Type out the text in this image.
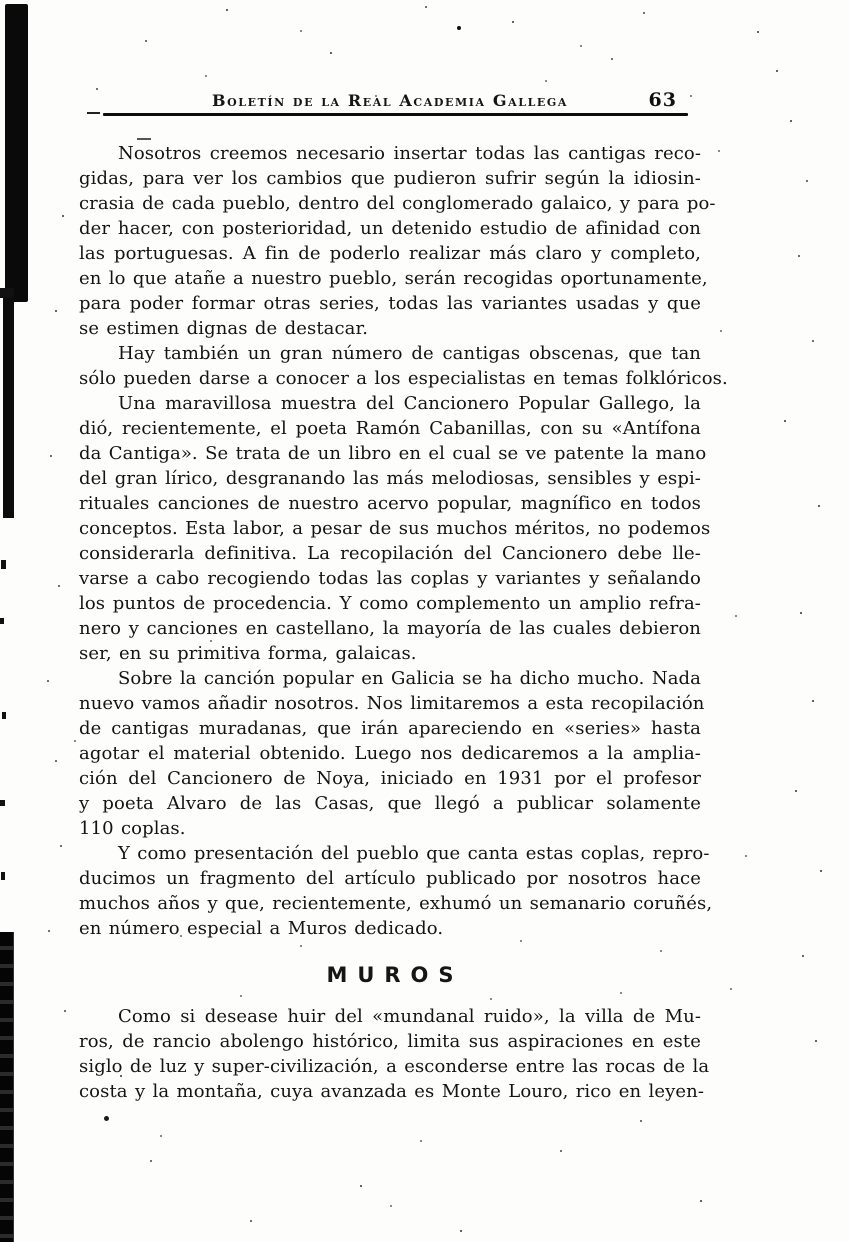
Boletín de la Real Academia Gallega	63
Nosotros creemos necesario insertar todas las cantigas reco-
gidas, para ver los cambios que pudieron sufrir según la idiosin-
crasia de cada pueblo, dentro del conglomerado galaico, y para po-
der hacer, con posterioridad, un detenido estudio de afinidad con
las portuguesas. A fin de poderlo realizar más claro y completo,
en lo que atañe a nuestro pueblo, serán recogidas oportunamente,
para poder formar otras series, todas las variantes usadas y que
se estimen dignas de destacar.
Hay también un gran número de cantigas obscenas, que tan
sólo pueden darse a conocer a los especialistas en temas folklóricos.
Una maravillosa muestra del Cancionero Popular Gallego, la
dió, recientemente, el poeta Ramón Cabanillas, con su «Antífona
da Cantiga». Se trata de un libro en el cual se ve patente la mano
del gran lírico, desgranando las más melodiosas, sensibles y espi-
rituales canciones de nuestro acervo popular, magnífico en todos
conceptos. Esta labor, a pesar de sus muchos méritos, no podemos
considerarla definitiva. La recopilación del Cancionero debe lle-
varse a cabo recogiendo todas las coplas y variantes y señalando
los puntos de procedencia. Y como complemento un amplio refra-
nero y canciones en castellano, la mayoría de las cuales debieron
ser, en su primitiva forma, galaicas.
Sobre la canción popular en Galicia se ha dicho mucho. Nada
nuevo vamos añadir nosotros. Nos limitaremos a esta recopilación
de cantigas muradanas, que irán apareciendo en «series» hasta
agotar el material obtenido. Luego nos dedicaremos a la amplia-
ción del Cancionero de Noya, iniciado en 1931 por el profesor
y poeta Alvaro de las Casas, que llegó a publicar solamente
110 coplas.
Y como presentación del pueblo que canta estas coplas, repro-
ducimos un fragmento del artículo publicado por nosotros hace
muchos años y que, recientemente, exhumó un semanario coruñés,
en número especial a Muros dedicado.
MUROS
Como si desease huir del «mundanal ruido», la villa de Mu-
ros, de rancio abolengo histórico, limita sus aspiraciones en este
siglo de luz y super-civilización, a esconderse entre las rocas de la
costa y la montaña, cuya avanzada es Monte Louro, rico en leyen-
